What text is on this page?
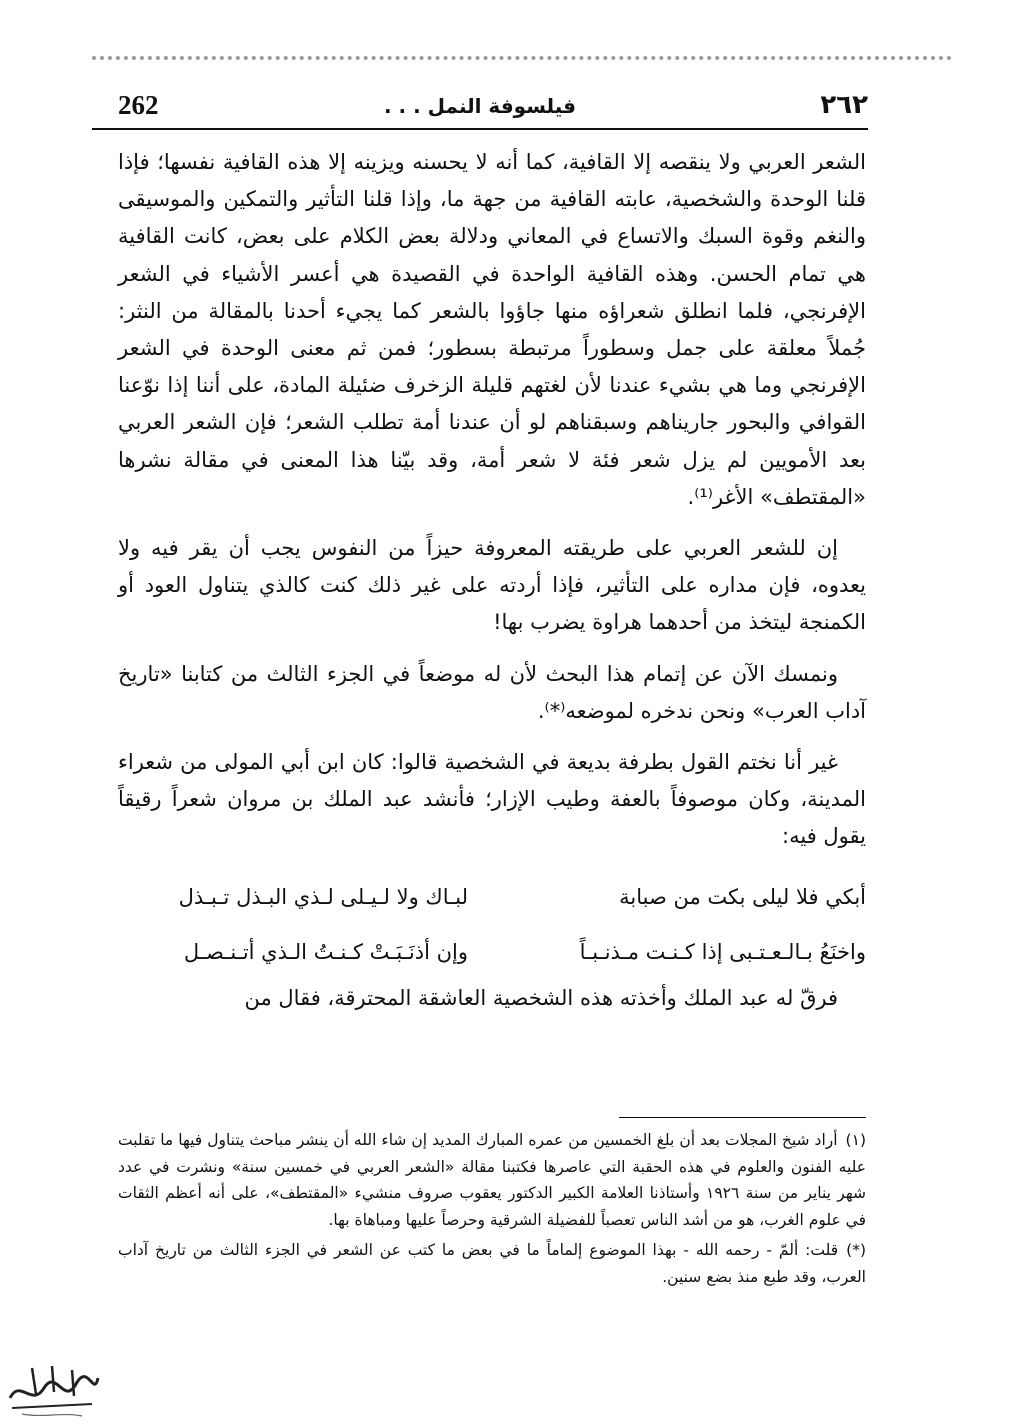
262	فيلسوفة النمل . . .	٢٦٢

الشعر العربي ولا ينقصه إلا القافية، كما أنه لا يحسنه ويزينه إلا هذه القافية نفسها؛ فإذا قلنا الوحدة والشخصية، عابته القافية من جهة ما، وإذا قلنا التأثير والتمكين والموسيقى والنغم وقوة السبك والاتساع في المعاني ودلالة بعض الكلام على بعض، كانت القافية هي تمام الحسن. وهذه القافية الواحدة في القصيدة هي أعسر الأشياء في الشعر الإفرنجي، فلما انطلق شعراؤه منها جاؤوا بالشعر كما يجيء أحدنا بالمقالة من النثر: جُملاً معلقة على جمل وسطوراً مرتبطة بسطور؛ فمن ثم معنى الوحدة في الشعر الإفرنجي وما هي بشيء عندنا لأن لغتهم قليلة الزخرف ضئيلة المادة، على أننا إذا نوّعنا القوافي والبحور جاريناهم وسبقناهم لو أن عندنا أمة تطلب الشعر؛ فإن الشعر العربي بعد الأمويين لم يزل شعر فئة لا شعر أمة، وقد بيّنا هذا المعنى في مقالة نشرها «المقتطف» الأغر⁽¹⁾.

إن للشعر العربي على طريقته المعروفة حيزاً من النفوس يجب أن يقر فيه ولا يعدوه، فإن مداره على التأثير، فإذا أردته على غير ذلك كنت كالذي يتناول العود أو الكمنجة ليتخذ من أحدهما هراوة يضرب بها!

ونمسك الآن عن إتمام هذا البحث لأن له موضعاً في الجزء الثالث من كتابنا «تاريخ آداب العرب» ونحن ندخره لموضعه⁽*⁾.

غير أنا نختم القول بطرفة بديعة في الشخصية قالوا: كان ابن أبي المولى من شعراء المدينة، وكان موصوفاً بالعفة وطيب الإزار؛ فأنشد عبد الملك بن مروان شعراً رقيقاً يقول فيه:

أبكي فلا ليلى بكت من صبابة
لبـاك ولا لـيـلى لـذي البـذل تـبـذل
واخنَعُ بـالـعـتـبى إذا كـنـت مـذنـبـاً
وإن أذنَـبَـتْ كـنـتُ الـذي أتـنـصـل

فرقّ له عبد الملك وأخذته هذه الشخصية العاشقة المحترقة، فقال من

(١)أراد شيخ المجلات بعد أن بلغ الخمسين من عمره المبارك المديد إن شاء الله أن ينشر مباحث يتناول فيها ما تقلبت عليه الفنون والعلوم في هذه الحقبة التي عاصرها فكتبنا مقالة «الشعر العربي في خمسين سنة» ونشرت في عدد شهر يناير من سنة ١٩٢٦ وأستاذنا العلامة الكبير الدكتور يعقوب صروف منشيء «المقتطف»، على أنه أعظم الثقات في علوم الغرب، هو من أشد الناس تعصباً للفضيلة الشرقية وحرصاً عليها ومباهاة بها.

(*)قلت: ألمّ - رحمه الله - بهذا الموضوع إلماماً ما في بعض ما كتب عن الشعر في الجزء الثالث من تاريخ آداب العرب، وقد طبع منذ بضع سنين.
